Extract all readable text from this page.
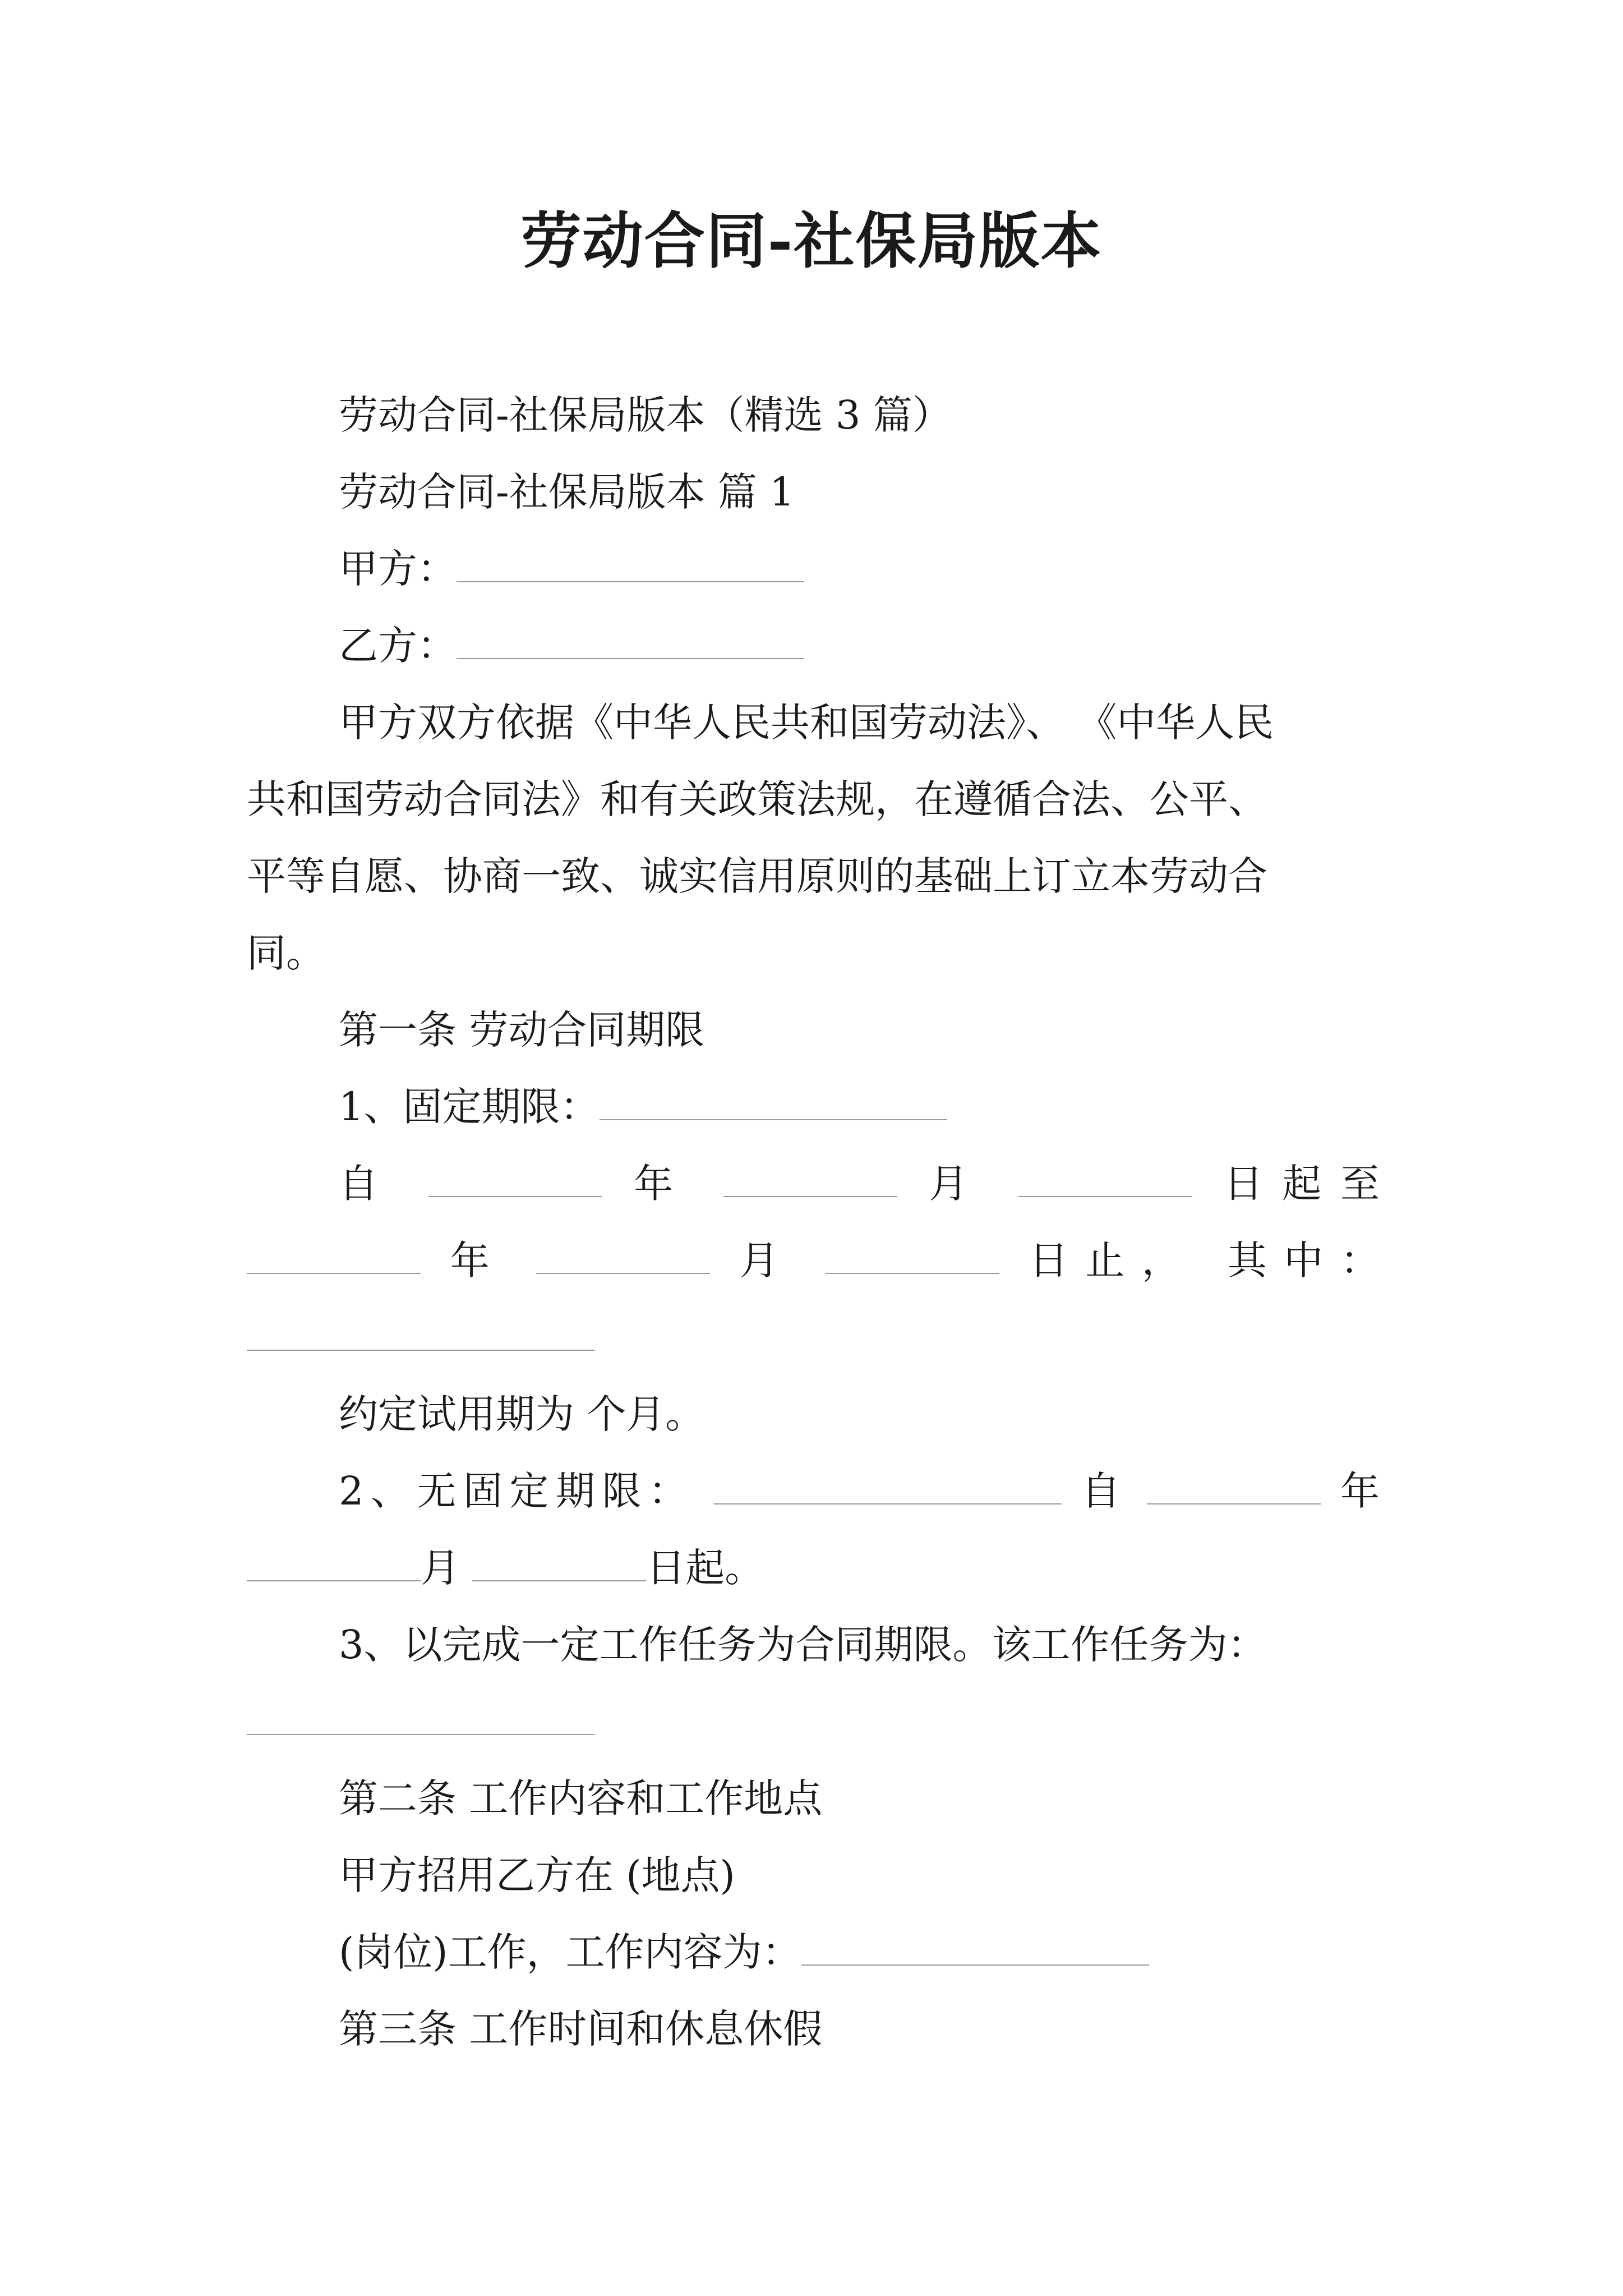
劳动合同-社保局版本

劳动合同-社保局版本（精选 3 篇）

劳动合同-社保局版本 篇 1

甲方：

乙方：

甲方双方依据《中华人民共和国劳动法》、 《中华人民

共和国劳动合同法》和有关政策法规，在遵循合法、公平、

平等自愿、协商一致、诚实信用原则的基础上订立本劳动合

同。

第一条 劳动合同期限

1、固定期限：

自	年	月	日起至

年	月	日止， 其中：

约定试用期为 个月。

2、无固定期限：	自	年

月	日起。

3、以完成一定工作任务为合同期限。该工作任务为：

第二条 工作内容和工作地点

甲方招用乙方在 (地点)

(岗位)工作，工作内容为：

第三条 工作时间和休息休假
